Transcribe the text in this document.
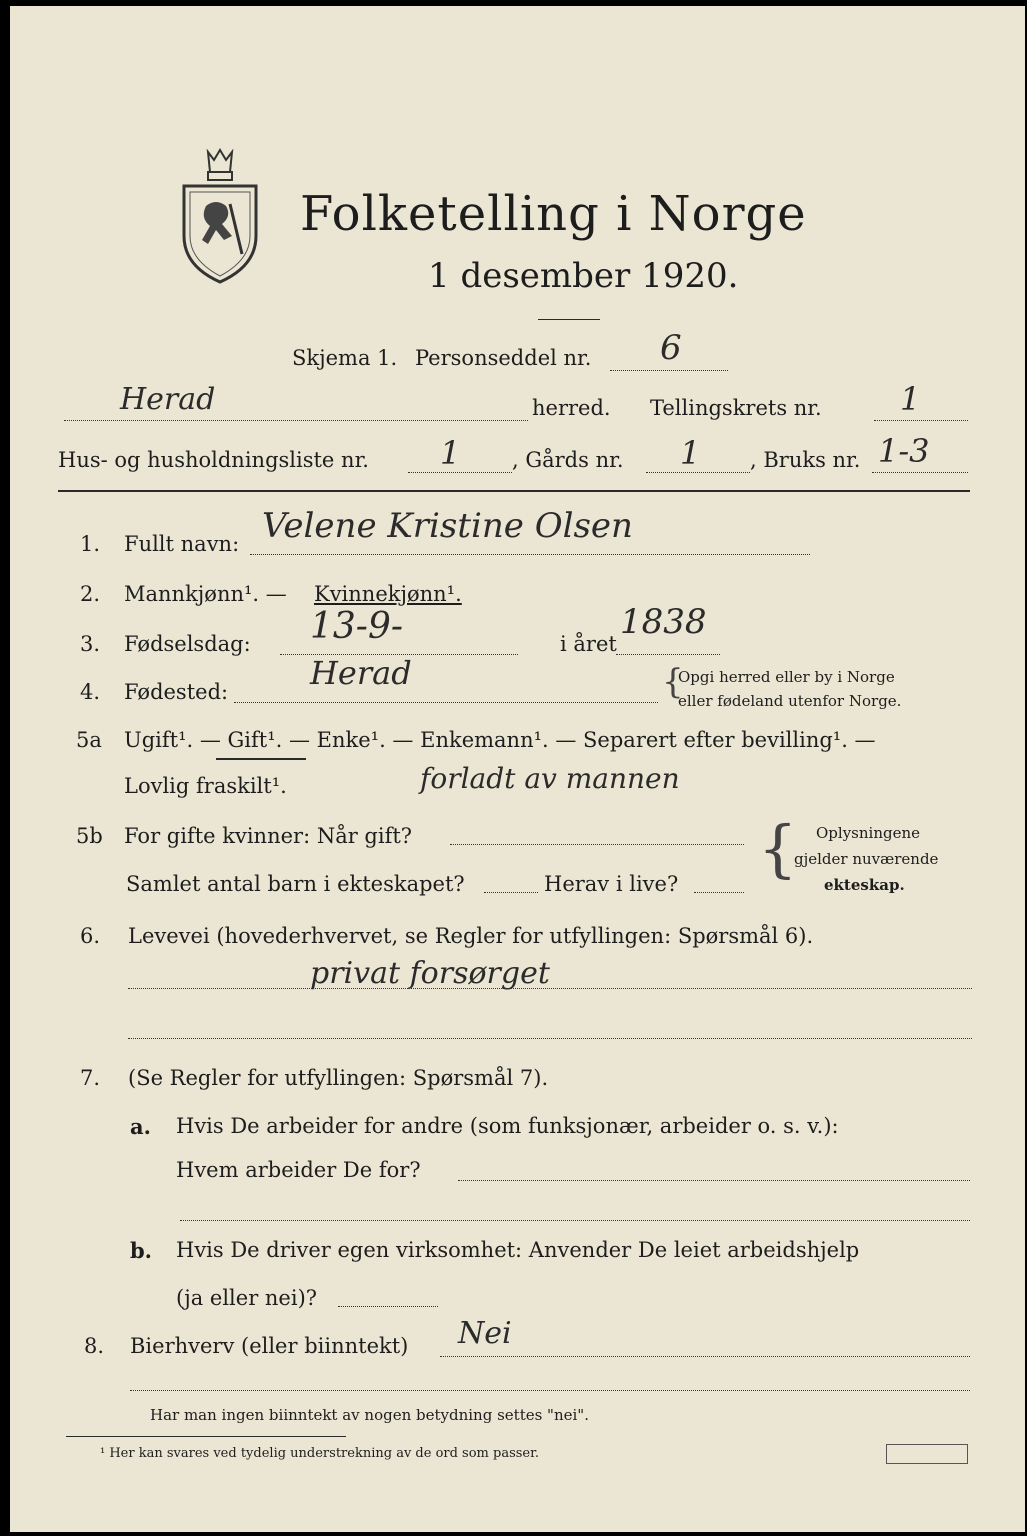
Folketelling i Norge
1 desember 1920.
Skjema 1. Personseddel nr. 6
Herad	herred. Tellingskrets nr. 1
Hus- og husholdningsliste nr. 1 , Gårds nr. 1 , Bruks nr. 1-3
1. Fullt navn: Velene Kristine Olsen
2. Mannkjønn¹. — Kvinnekjønn¹.
3. Fødselsdag: 13-9-	i året
1838
4. Fødested:	Herad	{
Opgi herred eller by i Norge
eller fødeland utenfor Norge.
5a Ugift¹. — Gift¹. — Enke¹. — Enkemann¹. — Separert efter bevilling¹. —
Lovlig fraskilt¹.	forladt av mannen
5b For gifte kvinner: Når gift?
Samlet antal barn i ekteskapet?	Herav i live? { Oplysningene
gjelder nuværende
ekteskap.
6. Levevei (hovederhvervet, se Regler for utfyllingen: Spørsmål 6).
privat forsørget
7. (Se Regler for utfyllingen: Spørsmål 7).
a. Hvis De arbeider for andre (som funksjonær, arbeider o. s. v.):
Hvem arbeider De for?
b. Hvis De driver egen virksomhet: Anvender De leiet arbeidshjelp
(ja eller nei)?
8. Bierhverv (eller biinntekt) Nei
Har man ingen biinntekt av nogen betydning settes "nei".
¹ Her kan svares ved tydelig understrekning av de ord som passer.
